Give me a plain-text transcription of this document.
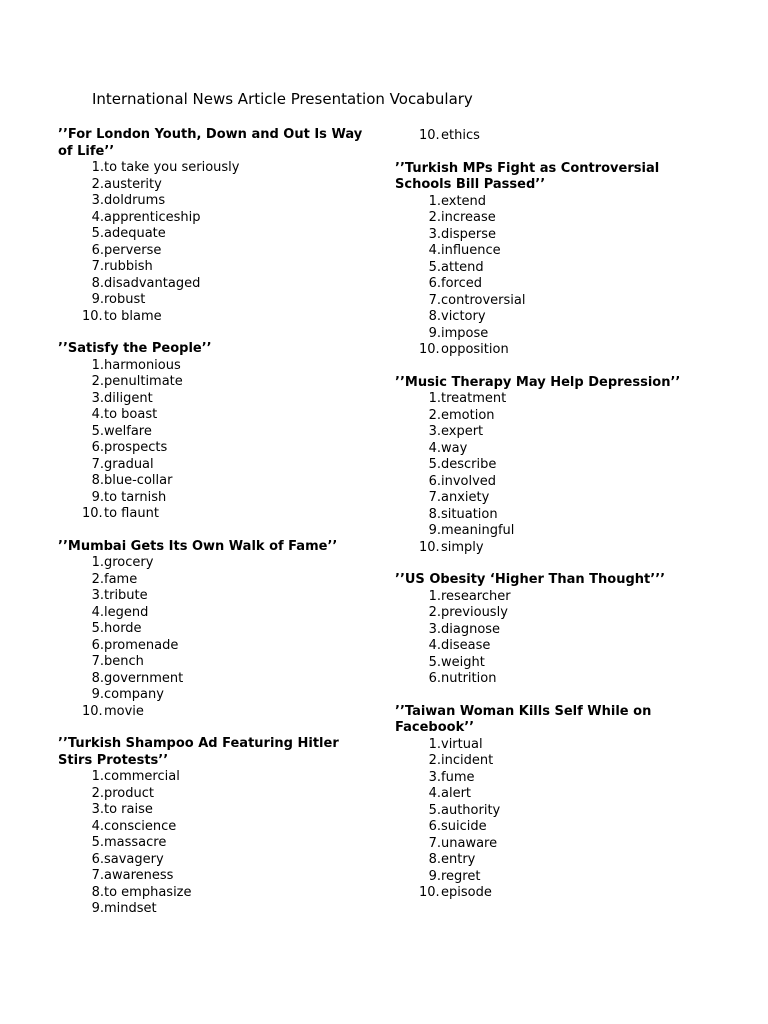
International News Article Presentation Vocabulary
’’For London Youth, Down and Out Is Way of Life’’
1.to take you seriously
2.austerity
3.doldrums
4.apprenticeship
5.adequate
6.perverse
7.rubbish
8.disadvantaged
9.robust
10.to blame
’’Satisfy the People’’
1.harmonious
2.penultimate
3.diligent
4.to boast
5.welfare
6.prospects
7.gradual
8.blue-collar
9.to tarnish
10.to flaunt
’’Mumbai Gets Its Own Walk of Fame’’
1.grocery
2.fame
3.tribute
4.legend
5.horde
6.promenade
7.bench
8.government
9.company
10.movie
’’Turkish Shampoo Ad Featuring Hitler Stirs Protests’’
1.commercial
2.product
3.to raise
4.conscience
5.massacre
6.savagery
7.awareness
8.to emphasize
9.mindset
10.ethics
’’Turkish MPs Fight as Controversial Schools Bill Passed’’
1.extend
2.increase
3.disperse
4.influence
5.attend
6.forced
7.controversial
8.victory
9.impose
10.opposition
’’Music Therapy May Help Depression’’
1.treatment
2.emotion
3.expert
4.way
5.describe
6.involved
7.anxiety
8.situation
9.meaningful
10.simply
’’US Obesity ‘Higher Than Thought’’’
1.researcher
2.previously
3.diagnose
4.disease
5.weight
6.nutrition
’’Taiwan Woman Kills Self While on Facebook’’
1.virtual
2.incident
3.fume
4.alert
5.authority
6.suicide
7.unaware
8.entry
9.regret
10.episode
